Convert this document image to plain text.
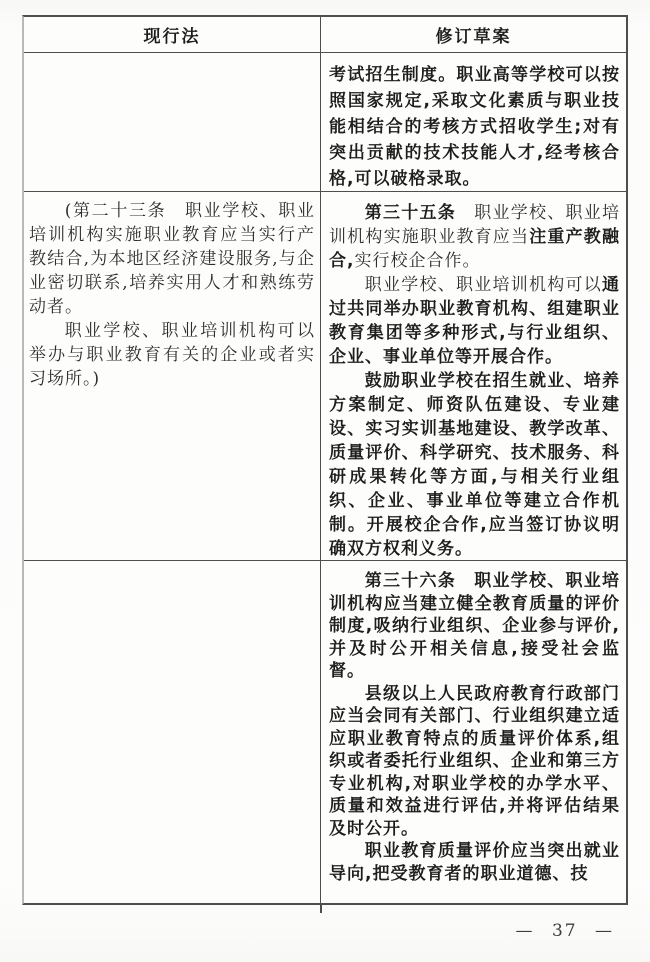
现行法	修订草案

考试招生制度。职业高等学校可以按照国家规定,采取文化素质与职业技能相结合的考核方式招收学生;对有突出贡献的技术技能人才,经考核合格,可以破格录取。

(第二十三条　职业学校、职业培训机构实施职业教育应当实行产教结合,为本地区经济建设服务,与企业密切联系,培养实用人才和熟练劳动者。

职业学校、职业培训机构可以举办与职业教育有关的企业或者实习场所。)

第三十五条　职业学校、职业培训机构实施职业教育应当注重产教融合,实行校企合作。

职业学校、职业培训机构可以通过共同举办职业教育机构、组建职业教育集团等多种形式,与行业组织、企业、事业单位等开展合作。

鼓励职业学校在招生就业、培养方案制定、师资队伍建设、专业建设、实习实训基地建设、教学改革、质量评价、科学研究、技术服务、科研成果转化等方面,与相关行业组织、企业、事业单位等建立合作机制。开展校企合作,应当签订协议明确双方权利义务。

第三十六条　职业学校、职业培训机构应当建立健全教育质量的评价制度,吸纳行业组织、企业参与评价,并及时公开相关信息,接受社会监督。

县级以上人民政府教育行政部门应当会同有关部门、行业组织建立适应职业教育特点的质量评价体系,组织或者委托行业组织、企业和第三方专业机构,对职业学校的办学水平、质量和效益进行评估,并将评估结果及时公开。

职业教育质量评价应当突出就业导向,把受教育者的职业道德、技

— 37 —
